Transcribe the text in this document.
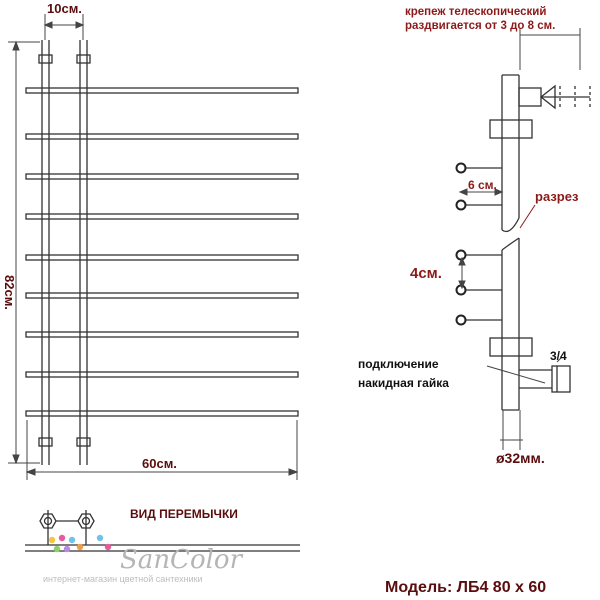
10см.
60см.
82см.
ВИД ПЕРЕМЫЧКИ
SanColor
интернет-магазин цветной сантехники
крепеж телескопический
раздвигается от 3 до 8 см.
6 см.
разрез
4см.
подключение
накидная гайка
3/4
ø32мм.
Модель: ЛБ4 80 х 60
